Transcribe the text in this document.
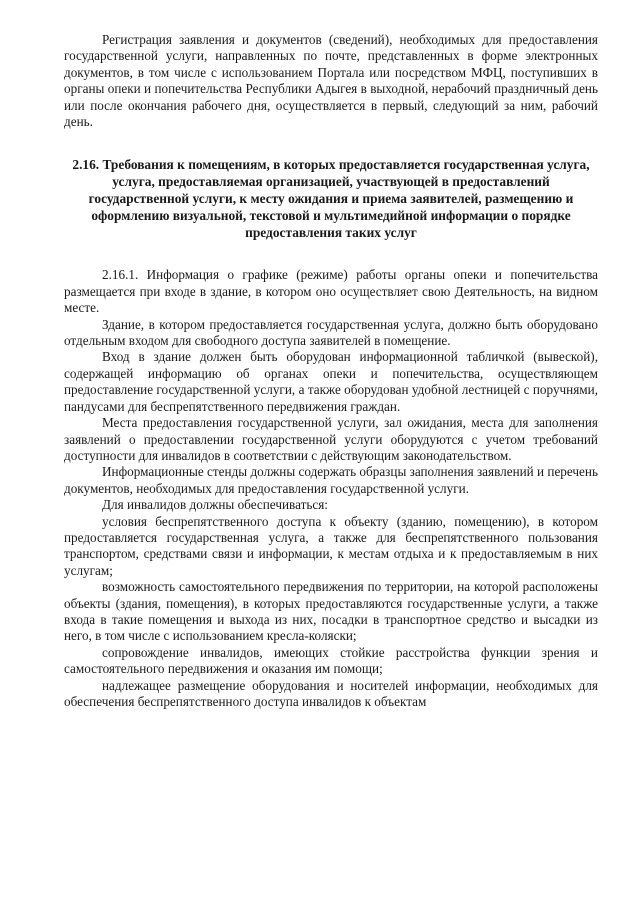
Регистрация заявления и документов (сведений), необходимых для предоставления государственной услуги, направленных по почте, представленных в форме электронных документов, в том числе с использованием Портала или посредством МФЦ, поступивших в органы опеки и попечительства Республики Адыгея в выходной, нерабочий праздничный день или после окончания рабочего дня, осуществляется в первый, следующий за ним, рабочий день.

2.16. Требования к помещениям, в которых предоставляется государственная услуга, услуга, предоставляемая организацией, участвующей в предоставлений государственной услуги, к месту ожидания и приема заявителей, размещению и оформлению визуальной, текстовой и мультимедийной информации о порядке предоставления таких услуг

2.16.1. Информация о графике (режиме) работы органы опеки и попечительства размещается при входе в здание, в котором оно осуществляет свою Деятельность, на видном месте.

Здание, в котором предоставляется государственная услуга, должно быть оборудовано отдельным входом для свободного доступа заявителей в помещение.

Вход в здание должен быть оборудован информационной табличкой (вывеской), содержащей информацию об органах опеки и попечительства, осуществляющем предоставление государственной услуги, а также оборудован удобной лестницей с поручнями, пандусами для беспрепятственного передвижения граждан.

Места предоставления государственной услуги, зал ожидания, места для заполнения заявлений о предоставлении государственной услуги оборудуются с учетом требований доступности для инвалидов в соответствии с действующим законодательством.

Информационные стенды должны содержать образцы заполнения заявлений и перечень документов, необходимых для предоставления государственной услуги.

Для инвалидов должны обеспечиваться:

условия беспрепятственного доступа к объекту (зданию, помещению), в котором предоставляется государственная услуга, а также для беспрепятственного пользования транспортом, средствами связи и информации, к местам отдыха и к предоставляемым в них услугам;

возможность самостоятельного передвижения по территории, на которой расположены объекты (здания, помещения), в которых предоставляются государственные услуги, а также входа в такие помещения и выхода из них, посадки в транспортное средство и высадки из него, в том числе с использованием кресла-коляски;

сопровождение инвалидов, имеющих стойкие расстройства функции зрения и самостоятельного передвижения и оказания им помощи;

надлежащее размещение оборудования и носителей информации, необходимых для обеспечения беспрепятственного доступа инвалидов к объектам
